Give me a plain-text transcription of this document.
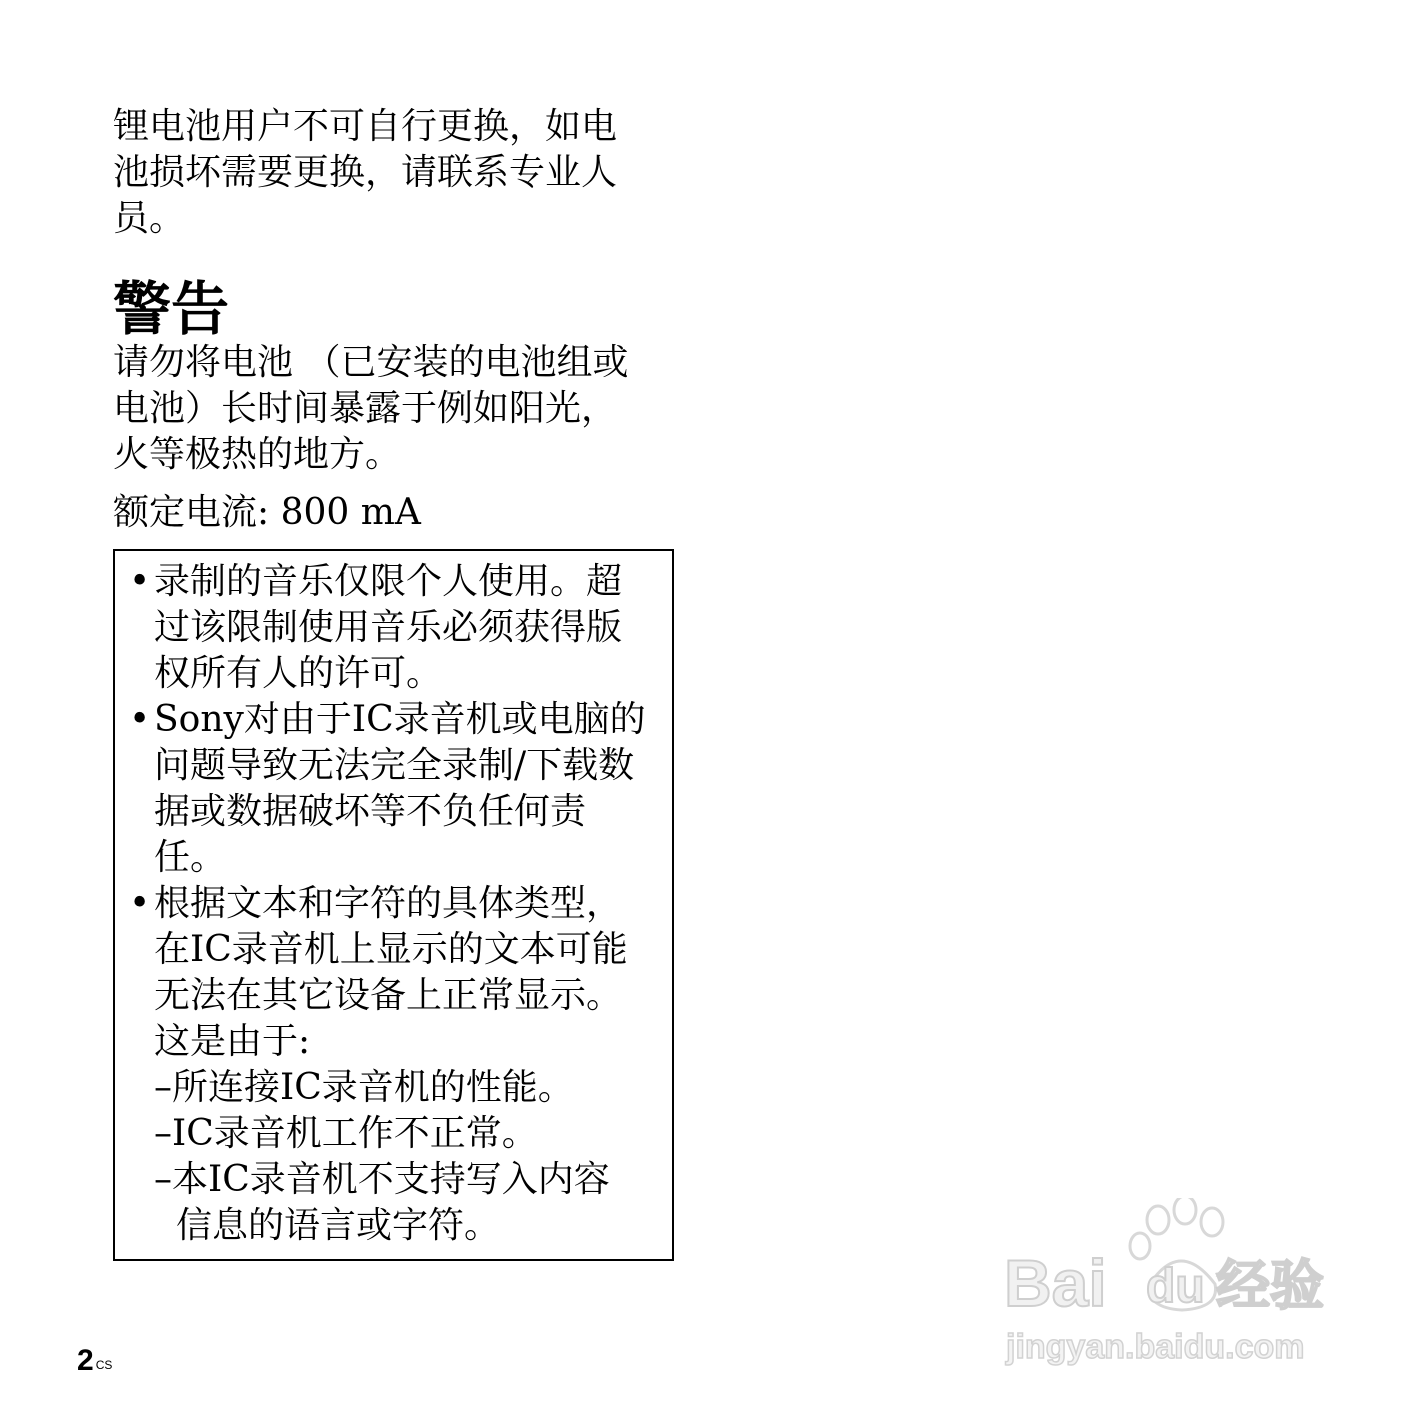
锂电池用户不可自行更换，如电
池损坏需要更换，请联系专业人
员。
警告
请勿将电池 （已安装的电池组或
电池）长时间暴露于例如阳光，
火等极热的地方。
额定电流: 800 mA
• 录制的音乐仅限个人使用。超
过该限制使用音乐必须获得版
权所有人的许可。
• Sony对由于IC录音机或电脑的
问题导致无法完全录制/下载数
据或数据破坏等不负任何责
任。
• 根据文本和字符的具体类型，
在IC录音机上显示的文本可能
无法在其它设备上正常显示。
这是由于:
–所连接IC录音机的性能。
–IC录音机工作不正常。
–本IC录音机不支持写入内容
信息的语言或字符。
2 $^{CS}$
Bai du 经验
jingyan.baidu.com
